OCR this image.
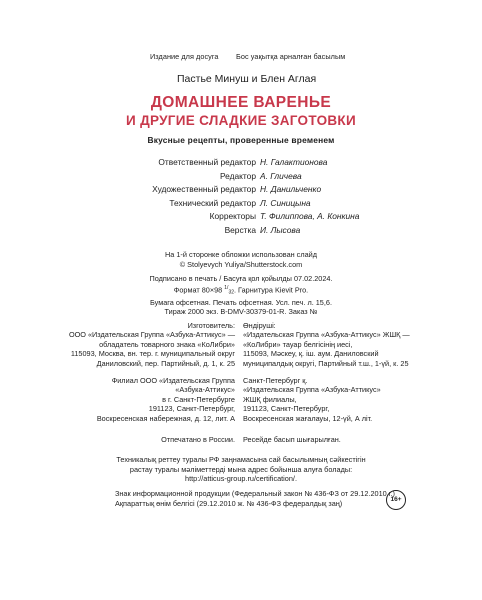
Издание для досуга Бос уақытқа арналған басылым
Пастье Минуш и Блен Аглая
ДОМАШНЕЕ ВАРЕНЬЕ
И ДРУГИЕ СЛАДКИЕ ЗАГОТОВКИ
Вкусные рецепты, проверенные временем
Ответственный редактор Н. Галактионова
Редактор А. Гличева
Художественный редактор Н. Данильченко
Технический редактор Л. Синицына
Корректоры Т. Филиппова, А. Конкина
Верстка И. Лысова
На 1-й сторонке обложки использован слайд
© Stolyevych Yuliya/Shutterstock.com
Подписано в печать / Басуға қол қойылды 07.02.2024.
Формат 80×98 $^{1/}_{32}$. Гарнитура Kievit Pro.
Бумага офсетная. Печать офсетная. Усл. печ. л. 15,6.
Тираж 2000 экз. В-DMV-30379-01-R. Заказ №
Изготовитель:
ООО «Издательская Группа «Азбука-Аттикус» —
обладатель товарного знака «КоЛибри»
115093, Москва, вн. тер. г. муниципальный округ
Даниловский, пер. Партийный, д. 1, к. 25
Өндіруші:
«Издательская Группа «Азбука-Аттикус» ЖШҚ —
«КоЛибри» тауар белгісінің иесі,
115093, Мәскеу, қ. іш. аум. Даниловский
муниципалдық округі, Партийный т.ш., 1-үй, к. 25
Филиал ООО «Издательская Группа
«Азбука-Аттикус»
в г. Санкт-Петербурге
191123, Санкт-Петербург,
Воскресенская набережная, д. 12, лит. А
Санкт-Петербург қ.
«Издательская Группа «Азбука-Аттикус»
ЖШҚ филиалы,
191123, Санкт-Петербург,
Воскресенская жағалауы, 12-үй, А літ.
Отпечатано в России. Ресейде басып шығарылған.
Техникалық реттеу туралы РФ заңнамасына сай басылымның сәйкестігін
растау туралы мәліметтерді мына адрес бойынша алуға болады:
http://atticus-group.ru/certification/.
Знак информационной продукции (Федеральный закон № 436-ФЗ от 29.12.2010 г.)
Ақпараттық өнім белгісі (29.12.2010 ж. № 436-ФЗ федералдық заң)	16+
